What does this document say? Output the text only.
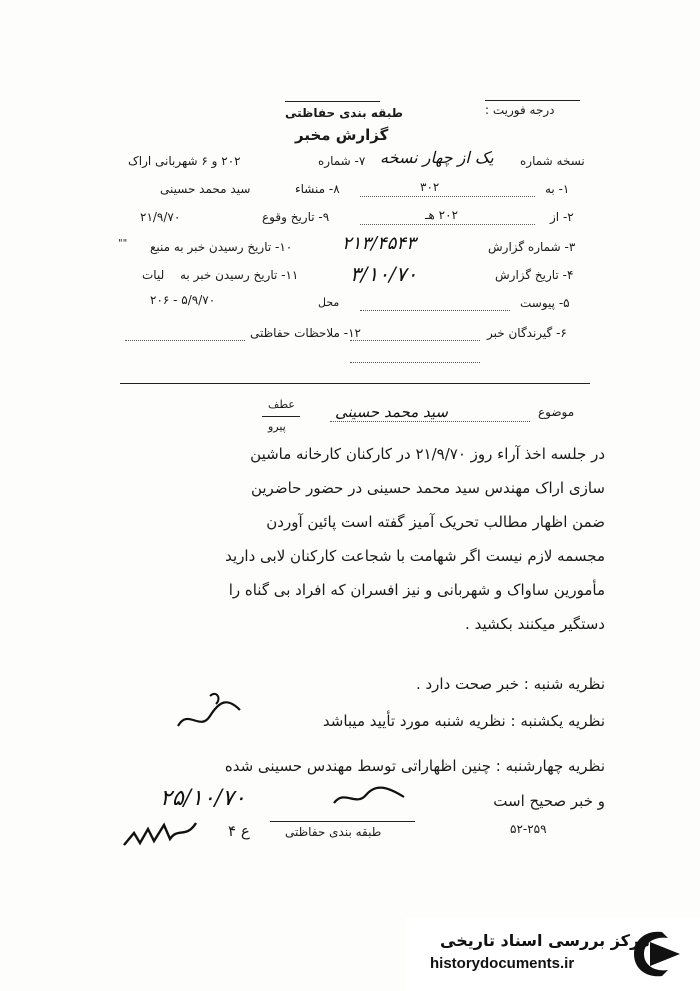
درجه فوریت :
طبقه بندی حفاظتی
گزارش مخبر
نسخه شماره
یک از چهار نسخه
۷- شماره
۲۰۲ و ۶ شهربانی اراک
۱- به
۳۰۲
۸- منشاء
سید محمد حسینی
۲- از
۲۰۲ هـ
۹- تاریخ وقوع
۲۱/۹/۷۰
۳- شماره گزارش
۲۱۳/۴۵۴۳
۱۰- تاریخ رسیدن خبر به منبع
""
۴- تاریخ گزارش
۳/۱۰/۷۰
۱۱- تاریخ رسیدن خبر به
لیات
۵- پیوست
محل
۲۰۶ - ۵/۹/۷۰
۶- گیرندگان خبر
۱۲- ملاحظات حفاظتی
موضوع
سید محمد حسینی
عطف
پیرو
در جلسه اخذ آراء روز ۲۱/۹/۷۰ در کارکنان کارخانه ماشین
سازی اراک مهندس سید محمد حسینی در حضور حاضرین
ضمن اظهار مطالب تحریک آمیز گفته است پائین آوردن
مجسمه لازم نیست اگر شهامت با شجاعت کارکنان لابی دارید
مأمورین ساواک و شهربانی و نیز افسران که افراد بی گناه را
دستگیر میکنند بکشید .
نظریه شنبه : خبر صحت دارد .
نظریه یکشنبه : نظریه شنبه مورد تأیید میباشد
نظریه چهارشنبه : چنین اظهاراتی توسط مهندس حسینی شده
و خبر صحیح است
۲۵/۱۰/۷۰
طبقه بندی حفاظتی
ع ۴	۵۲-۲۵۹
مرکز بررسی اسناد تاریخی
historydocuments.ir
